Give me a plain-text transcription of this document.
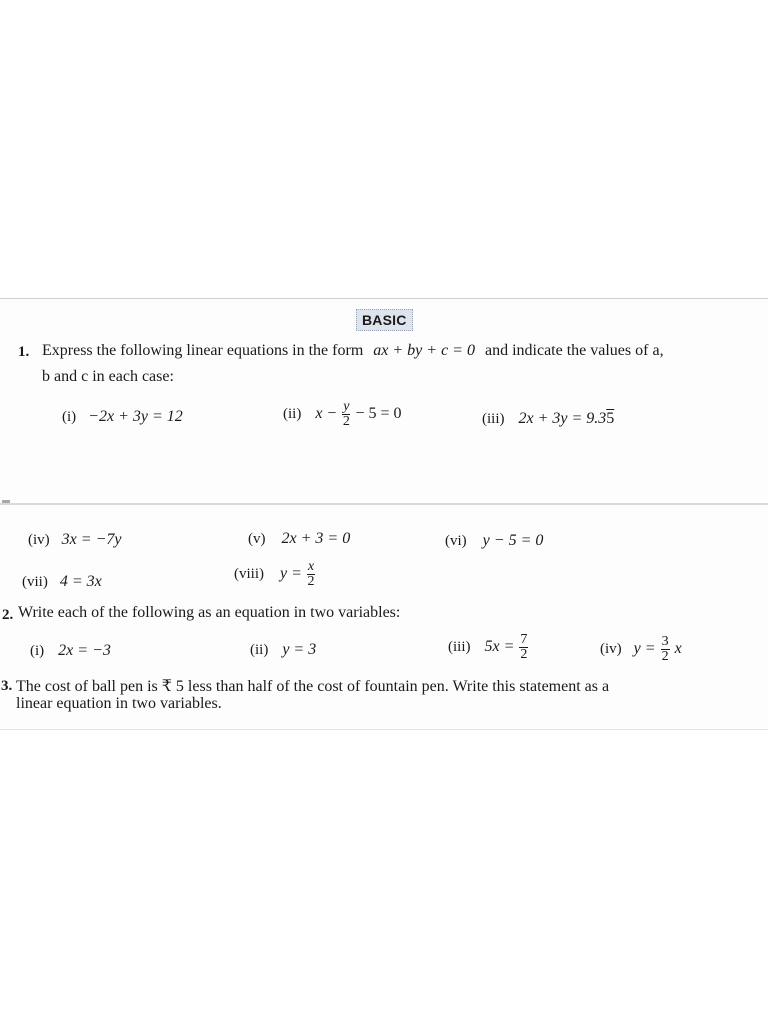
BASIC
1. Express the following linear equations in the form ax + by + c = 0 and indicate the values of a,
b and c in each case:
(i) −2x + 3y = 12	(ii) $x - \frac{y}{2} - 5 = 0$	(iii) 2x + 3y = 9.35
(iv) 3x = −7y	(v) 2x + 3 = 0	(vi) y − 5 = 0
(vii) 4 = 3x	(viii) $y = \frac{x}{2}$
2. Write each of the following as an equation in two variables:
(i) 2x = −3	(ii) y = 3	(iii) $5x = \frac{7}{2}$	(iv) $y = \frac{3}{2}$ x
3. The cost of ball pen is ₹ 5 less than half of the cost of fountain pen. Write this statement as a
linear equation in two variables.
